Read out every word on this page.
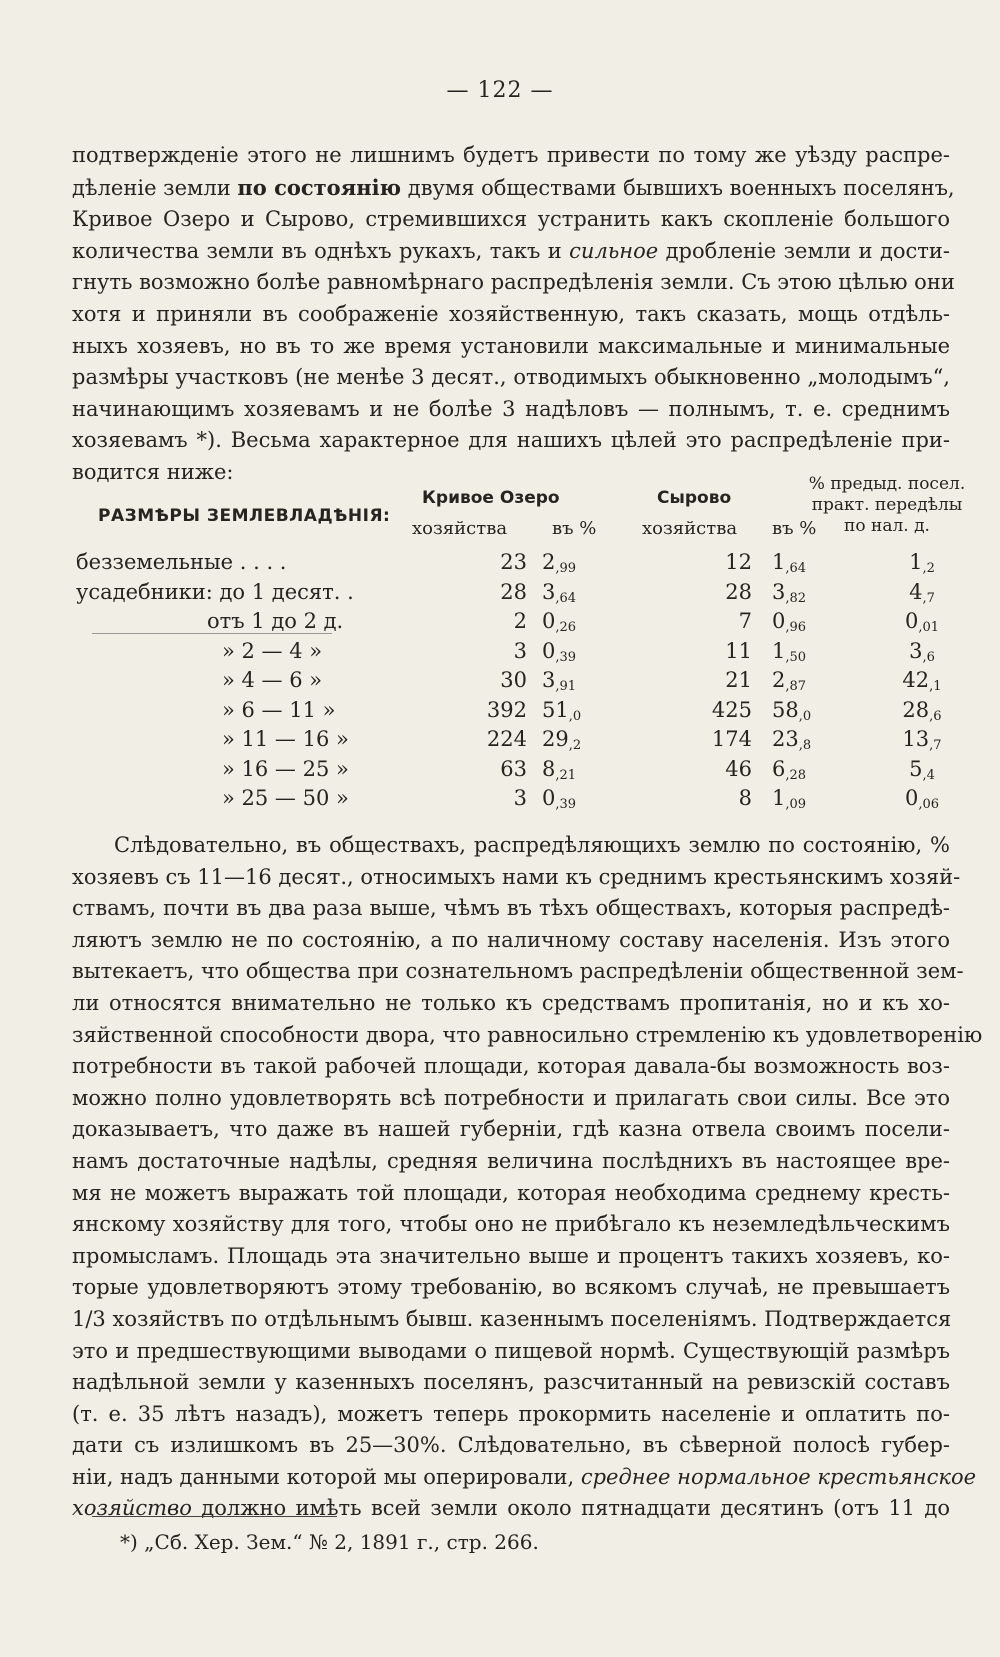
— 122 —
подтвержденіе этого не лишнимъ будетъ привести по тому же уѣзду распре-
дѣленіе земли по состоянію двумя обществами бывшихъ военныхъ поселянъ,
Кривое Озеро и Сырово, стремившихся устранить какъ скопленіе большого
количества земли въ однѣхъ рукахъ, такъ и сильное дробленіе земли и дости-
гнуть возможно болѣе равномѣрнаго распредѣленія земли. Съ этою цѣлью они
хотя и приняли въ соображеніе хозяйственную, такъ сказать, мощь отдѣль-
ныхъ хозяевъ, но въ то же время установили максимальные и минимальные
размѣры участковъ (не менѣе 3 десят., отводимыхъ обыкновенно „молодымъ“,
начинающимъ хозяевамъ и не болѣе 3 надѣловъ — полнымъ, т. е. среднимъ
хозяевамъ *). Весьма характерное для нашихъ цѣлей это распредѣленіе при-
водится ниже:
РАЗМѢРЫ ЗЕМЛЕВЛАДѢНІЯ:
Кривое Озеро	Сырово
% предыд. посел.
практ. передѣлы
по нал. д.
хозяйства въ %	хозяйства въ %
безземельные . . . .	23 $2_{,99}$	12 $1_{,64}$	$1_{,2}$
усадебники: до 1 десят. .	28 $3_{,64}$	28 $3_{,82}$	$4_{,7}$
отъ 1 до 2 д.	2 $0_{,26}$	7 $0_{,96}$	$0_{,01}$
» 2 — 4 »	3 $0_{,39}$	11 $1_{,50}$	$3_{,6}$
» 4 — 6 »	30 $3_{,91}$	21 $2_{,87}$	$42_{,1}$
» 6 — 11 »	392 $51_{,0}$	425 $58_{,0}$	$28_{,6}$
» 11 — 16 »	224 $29_{,2}$	174 $23_{,8}$	$13_{,7}$
» 16 — 25 »	63 $8_{,21}$	46 $6_{,28}$	$5_{,4}$
» 25 — 50 »	3 $0_{,39}$	8 $1_{,09}$	$0_{,06}$
Слѣдовательно, въ обществахъ, распредѣляющихъ землю по состоянію, %
хозяевъ съ 11—16 десят., относимыхъ нами къ среднимъ крестьянскимъ хозяй-
ствамъ, почти въ два раза выше, чѣмъ въ тѣхъ обществахъ, которыя распредѣ-
ляютъ землю не по состоянію, а по наличному составу населенія. Изъ этого
вытекаетъ, что общества при сознательномъ распредѣленіи общественной зем-
ли относятся внимательно не только къ средствамъ пропитанія, но и къ хо-
зяйственной способности двора, что равносильно стремленію къ удовлетворенію
потребности въ такой рабочей площади, которая давала-бы возможность воз-
можно полно удовлетворять всѣ потребности и прилагать свои силы. Все это
доказываетъ, что даже въ нашей губерніи, гдѣ казна отвела своимъ посели-
намъ достаточные надѣлы, средняя величина послѣднихъ въ настоящее вре-
мя не можетъ выражать той площади, которая необходима среднему кресть-
янскому хозяйству для того, чтобы оно не прибѣгало къ неземледѣльческимъ
промысламъ. Площадь эта значительно выше и процентъ такихъ хозяевъ, ко-
торые удовлетворяютъ этому требованію, во всякомъ случаѣ, не превышаетъ
1/3 хозяйствъ по отдѣльнымъ бывш. казеннымъ поселеніямъ. Подтверждается
это и предшествующими выводами о пищевой нормѣ. Существующій размѣръ
надѣльной земли у казенныхъ поселянъ, разсчитанный на ревизскій составъ
(т. е. 35 лѣтъ назадъ), можетъ теперь прокормить населеніе и оплатить по-
дати съ излишкомъ въ 25—30%. Слѣдовательно, въ сѣверной полосѣ губер-
ніи, надъ данными которой мы оперировали, среднее нормальное крестьянское
хозяйство должно имѣть всей земли около пятнадцати десятинъ (отъ 11 до
*) „Сб. Хер. Зем.“ № 2, 1891 г., стр. 266.
